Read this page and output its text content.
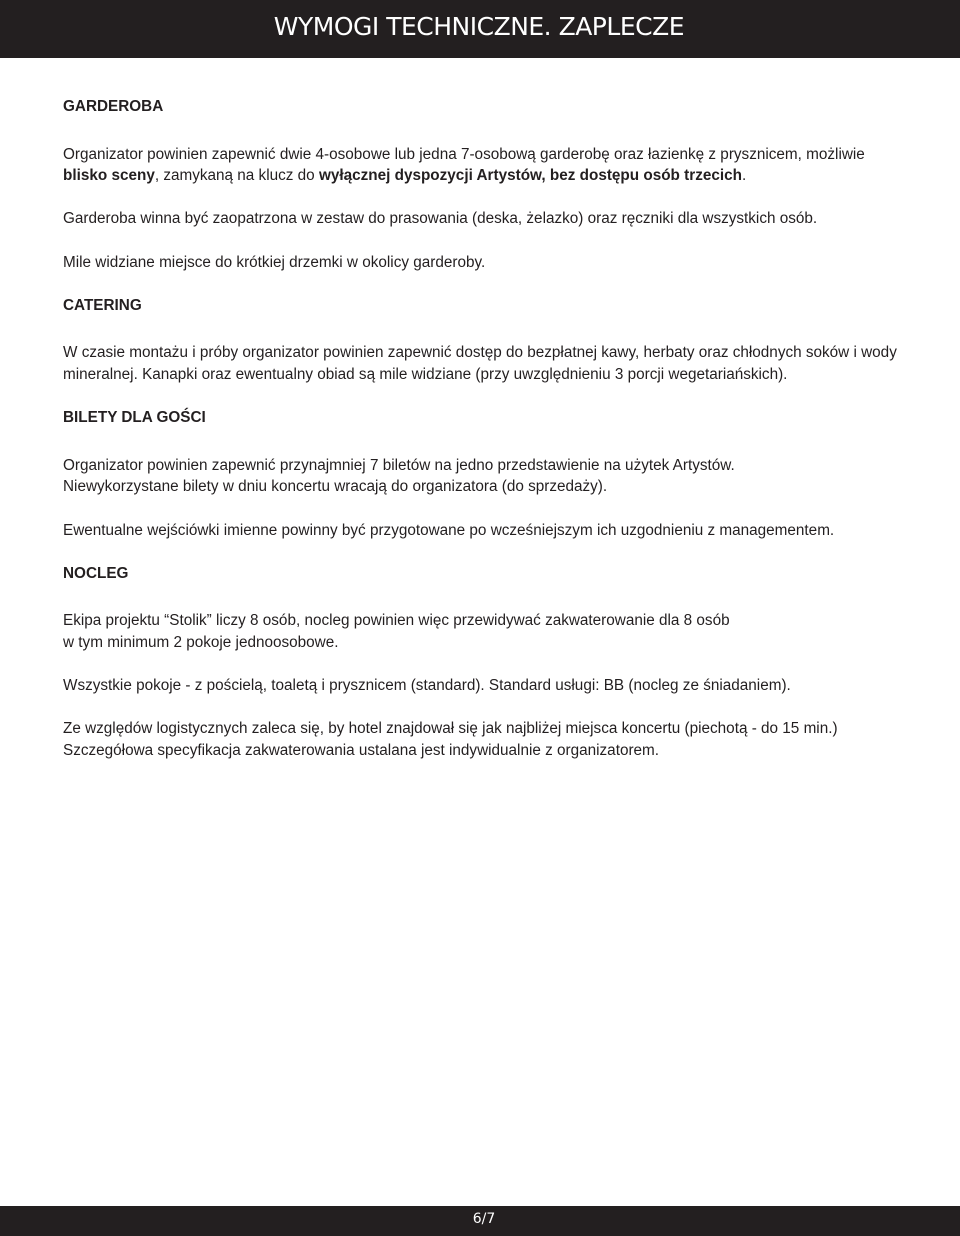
WYMOGI TECHNICZNE. ZAPLECZE
GARDEROBA

Organizator powinien zapewnić dwie 4-osobowe lub jedna 7-osobową garderobę oraz łazienkę z prysznicem, możliwie blisko sceny, zamykaną na klucz do wyłącznej dyspozycji Artystów, bez dostępu osób trzecich.

Garderoba winna być zaopatrzona w zestaw do prasowania (deska, żelazko) oraz ręczniki dla wszystkich osób.

Mile widziane miejsce do krótkiej drzemki w okolicy garderoby.

CATERING

W czasie montażu i próby organizator powinien zapewnić dostęp do bezpłatnej kawy, herbaty oraz chłodnych soków i wody mineralnej. Kanapki oraz ewentualny obiad są mile widziane (przy uwzględnieniu 3 porcji wegetariańskich).

BILETY DLA GOŚCI

Organizator powinien zapewnić przynajmniej 7 biletów na jedno przedstawienie na użytek Artystów.
Niewykorzystane bilety w dniu koncertu wracają do organizatora (do sprzedaży).

Ewentualne wejściówki imienne powinny być przygotowane po wcześniejszym ich uzgodnieniu z managementem.

NOCLEG

Ekipa projektu “Stolik” liczy 8 osób, nocleg powinien więc przewidywać zakwaterowanie dla 8 osób
w tym minimum 2 pokoje jednoosobowe.

Wszystkie pokoje - z pościelą, toaletą i prysznicem (standard). Standard usługi: BB (nocleg ze śniadaniem).

Ze względów logistycznych zaleca się, by hotel znajdował się jak najbliżej miejsca koncertu (piechotą - do 15 min.)
Szczegółowa specyfikacja zakwaterowania ustalana jest indywidualnie z organizatorem.

6/7
